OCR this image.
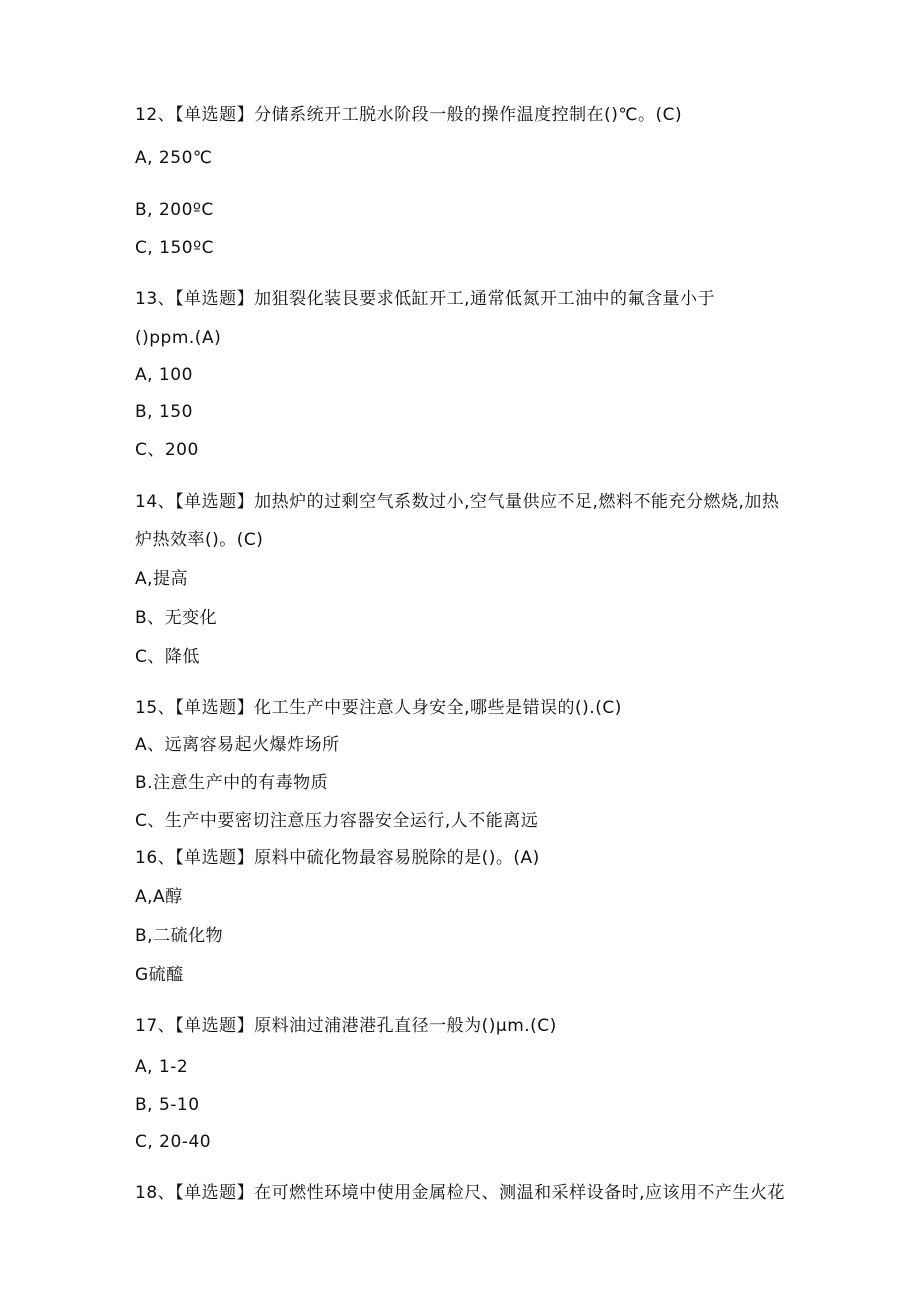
12、【单选题】分储系统开工脱水阶段一般的操作温度控制在()℃。(C)
A, 250℃
B, 200ºC
C, 150ºC
13、【单选题】加狙裂化装艮要求低缸开工,通常低氮开工油中的氟含量小于
()ppm.(A)
A, 100
B, 150
C、200
14、【单选题】加热炉的过剩空气系数过小,空气量供应不足,燃料不能充分燃烧,加热
炉热效率()。(C)
A,提高
B、无变化
C、降低
15、【单选题】化工生产中要注意人身安全,哪些是错误的().(C)
A、远离容易起火爆炸场所
B.注意生产中的有毒物质
C、生产中要密切注意压力容器安全运行,人不能离远
16、【单选题】原料中硫化物最容易脱除的是()。(A)
A,A醇
B,二硫化物
G硫醯
17、【单选题】原料油过浦港港孔直径一般为()μm.(C)
A, 1-2
B, 5-10
C, 20-40
18、【单选题】在可燃性环境中使用金属检尺、测温和采样设备时,应该用不产生火花
